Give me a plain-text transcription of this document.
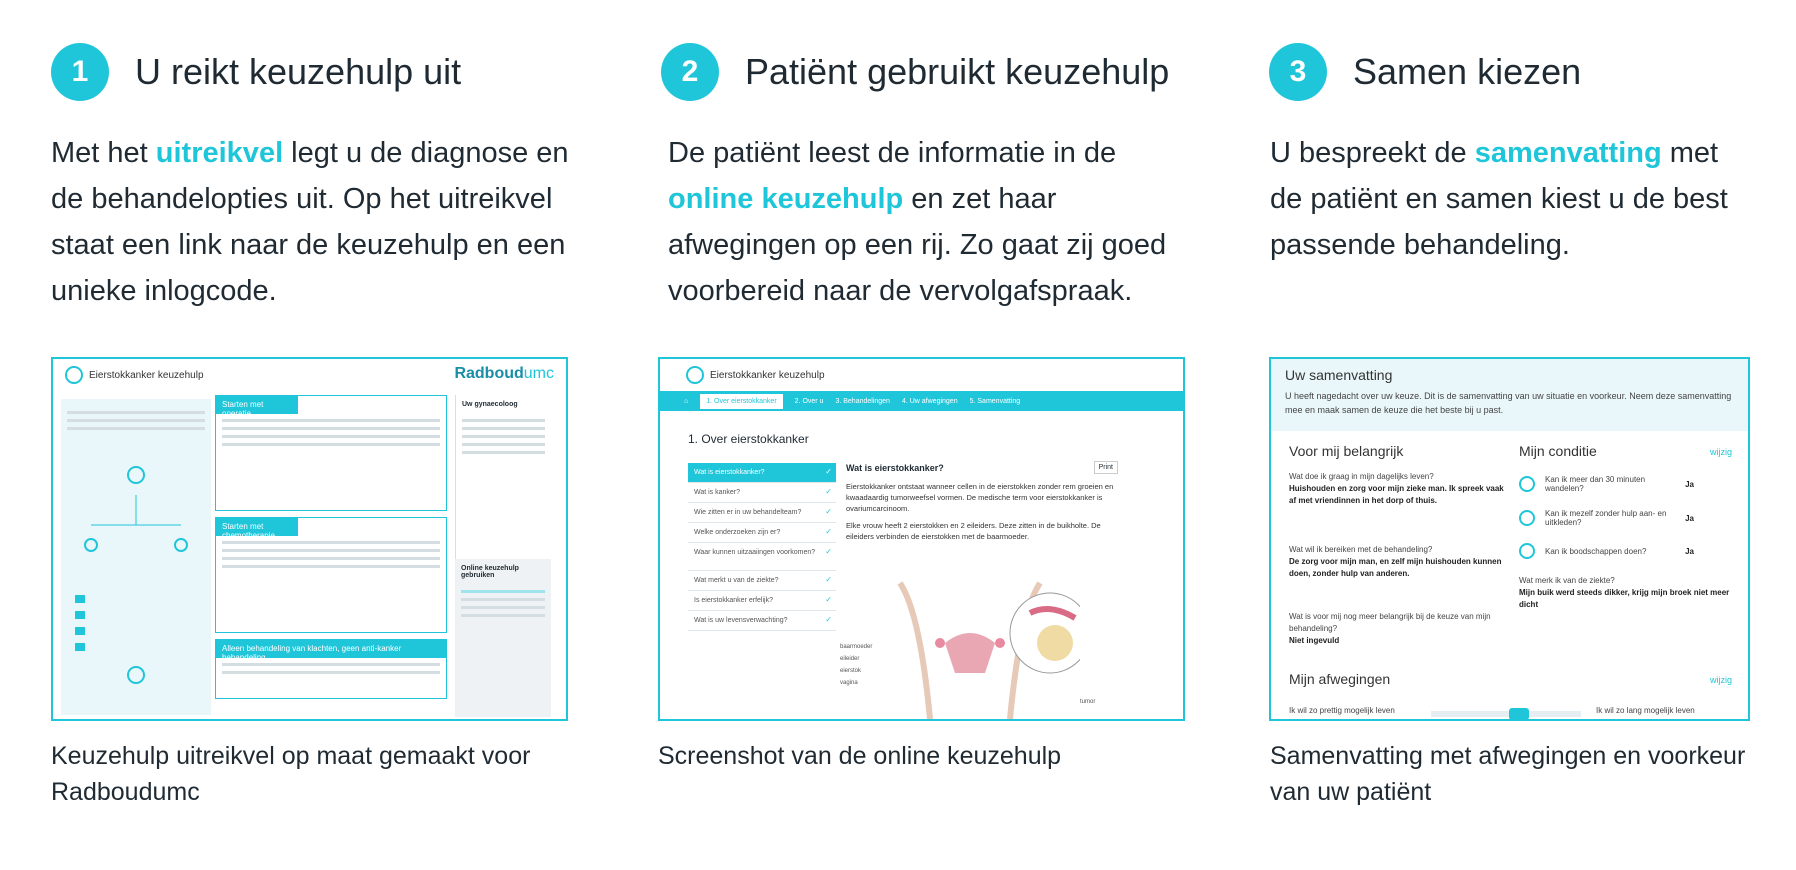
1	U reikt keuzehulp uit
Met het uitreikvel legt u de diagnose en de behandelopties uit. Op het uitreikvel staat een link naar de keuzehulp en een unieke inlogcode.
Eierstokkanker keuzehulp	Radboudumc
Starten met operatie
Starten met chemotherapie
Alleen behandeling van klachten, geen anti-kanker behandeling
Uw gynaecoloog
Online keuzehulp gebruiken
Keuzehulp uitreikvel op maat gemaakt voor Radboudumc
2	Patiënt gebruikt keuzehulp
De patiënt leest de informatie in de online keuzehulp en zet haar afwegingen op een rij. Zo gaat zij goed voorbereid naar de vervolgafspraak.
Eierstokkanker keuzehulp
⌂	1. Over eierstokkanker	2. Over u 3. Behandelingen 4. Uw afwegingen 5. Samenvatting
1. Over eierstokkanker
Wat is eierstokkanker? ✓
Wat is kanker? ✓
Wie zitten er in uw behandelteam? ✓
Welke onderzoeken zijn er? ✓
Waar kunnen uitzaaiingen voorkomen? ✓
Wat merkt u van de ziekte? ✓
Is eierstokkanker erfelijk? ✓
Wat is uw levensverwachting? ✓
Wat is eierstokkanker?	Print

Eierstokkanker ontstaat wanneer cellen in de eierstokken zonder rem groeien en kwaadaardig tumorweefsel vormen. De medische term voor eierstokkanker is ovariumcarcinoom.

Elke vrouw heeft 2 eierstokken en 2 eileiders. Deze zitten in de buikholte. De eileiders verbinden de eierstokken met de baarmoeder.

baarmoeder
eileider
eierstok
vagina
tumor
Screenshot van de online keuzehulp
3	Samen kiezen
U bespreekt de samenvatting met de patiënt en samen kiest u de best passende behandeling.
Uw samenvatting
U heeft nagedacht over uw keuze. Dit is de samenvatting van uw situatie en voorkeur. Neem deze samenvatting mee en maak samen de keuze die het beste bij u past.
Voor mij belangrijk	Mijn conditie	wijzig
Wat doe ik graag in mijn dagelijks leven?
Huishouden en zorg voor mijn zieke man. Ik spreek vaak af met vriendinnen in het dorp of thuis.
Wat wil ik bereiken met de behandeling?
De zorg voor mijn man, en zelf mijn huishouden kunnen doen, zonder hulp van anderen.
Wat is voor mij nog meer belangrijk bij de keuze van mijn behandeling?
Niet ingevuld
Kan ik meer dan 30 minuten wandelen?	Ja
Kan ik mezelf zonder hulp aan- en uitkleden?	Ja
Kan ik boodschappen doen?	Ja
Wat merk ik van de ziekte?
Mijn buik werd steeds dikker, krijg mijn broek niet meer dicht
Mijn afwegingen	wijzig
Ik wil zo prettig mogelijk leven	Ik wil zo lang mogelijk leven
Samenvatting met afwegingen en voorkeur van uw patiënt
